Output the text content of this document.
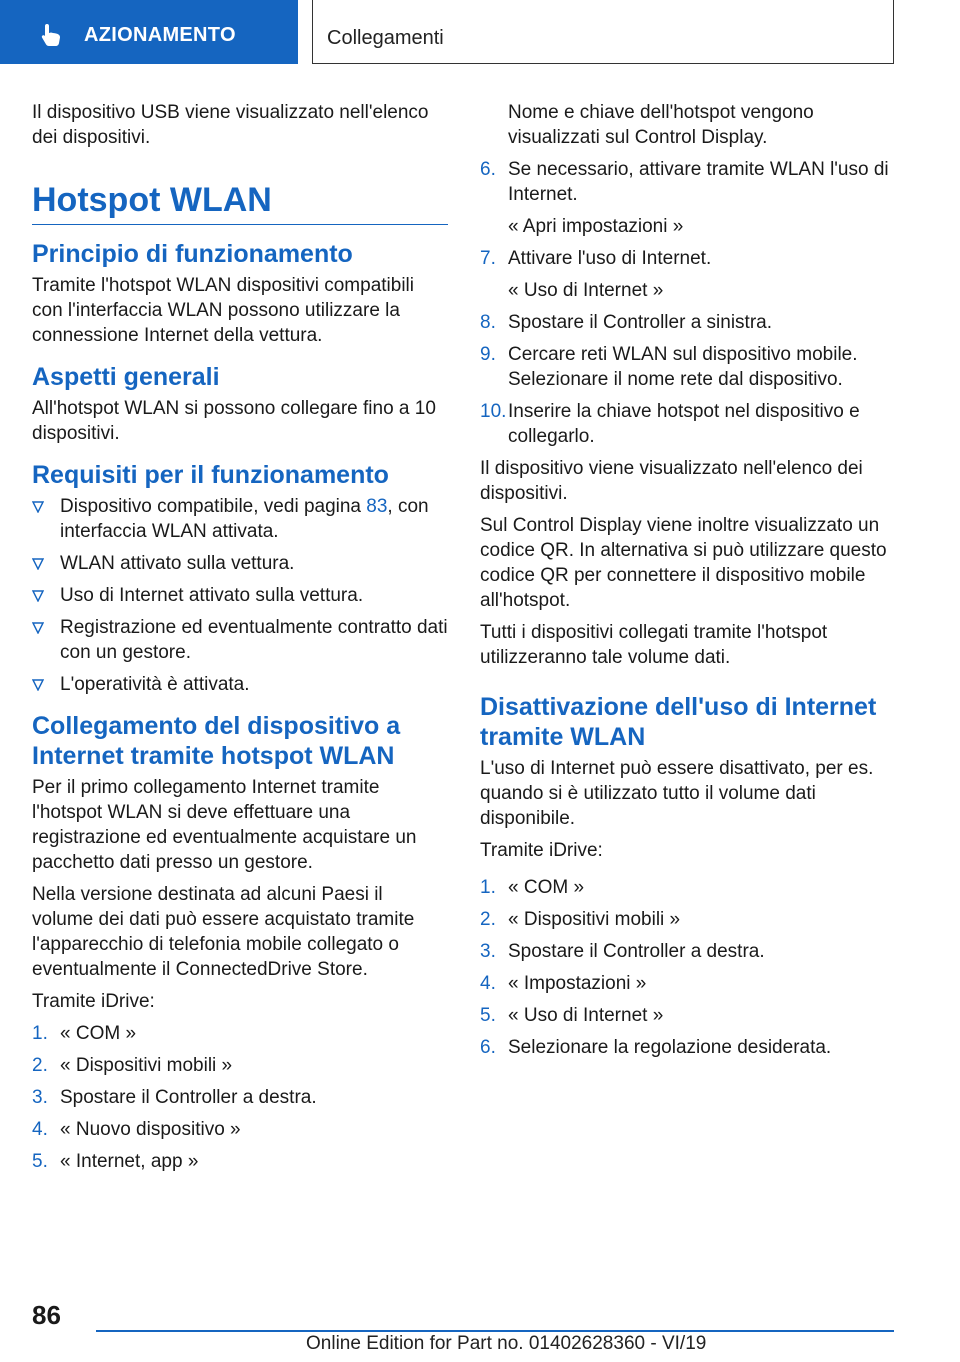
AZIONAMENTO	Collegamenti

Il dispositivo USB viene visualizzato nell'elenco dei dispositivi.

Hotspot WLAN
Principio di funzionamento

Tramite l'hotspot WLAN dispositivi compatibili con l'interfaccia WLAN possono utilizzare la connessione Internet della vettura.

Aspetti generali

All'hotspot WLAN si possono collegare fino a 10 dispositivi.

Requisiti per il funzionamento
Dispositivo compatibile, vedi pagina 83, con interfaccia WLAN attivata.
WLAN attivato sulla vettura.
Uso di Internet attivato sulla vettura.
Registrazione ed eventualmente contratto dati con un gestore.
L'operatività è attivata.
Collegamento del dispositivo a Internet tramite hotspot WLAN

Per il primo collegamento Internet tramite l'hotspot WLAN si deve effettuare una registrazione ed eventualmente acquistare un pacchetto dati presso un gestore.

Nella versione destinata ad alcuni Paesi il volume dei dati può essere acquistato tramite l'apparecchio di telefonia mobile collegato o eventualmente il ConnectedDrive Store.

Tramite iDrive:

1. « COM »
2. « Dispositivi mobili »
3. Spostare il Controller a destra.
4. « Nuovo dispositivo »
5. « Internet, app »

Nome e chiave dell'hotspot vengono visualizzati sul Control Display.

6. Se necessario, attivare tramite WLAN l'uso di Internet.

« Apri impostazioni »

7. Attivare l'uso di Internet.

« Uso di Internet »

8. Spostare il Controller a sinistra.
9. Cercare reti WLAN sul dispositivo mobile. Selezionare il nome rete dal dispositivo.
10. Inserire la chiave hotspot nel dispositivo e collegarlo.

Il dispositivo viene visualizzato nell'elenco dei dispositivi.

Sul Control Display viene inoltre visualizzato un codice QR. In alternativa si può utilizzare questo codice QR per connettere il dispositivo mobile all'hotspot.

Tutti i dispositivi collegati tramite l'hotspot utilizzeranno tale volume dati.

Disattivazione dell'uso di Internet tramite WLAN

L'uso di Internet può essere disattivato, per es. quando si è utilizzato tutto il volume dati disponibile.

Tramite iDrive:

1. « COM »
2. « Dispositivi mobili »
3. Spostare il Controller a destra.
4. « Impostazioni »
5. « Uso di Internet »
6. Selezionare la regolazione desiderata.
86
Online Edition for Part no. 01402628360 - VI/19
